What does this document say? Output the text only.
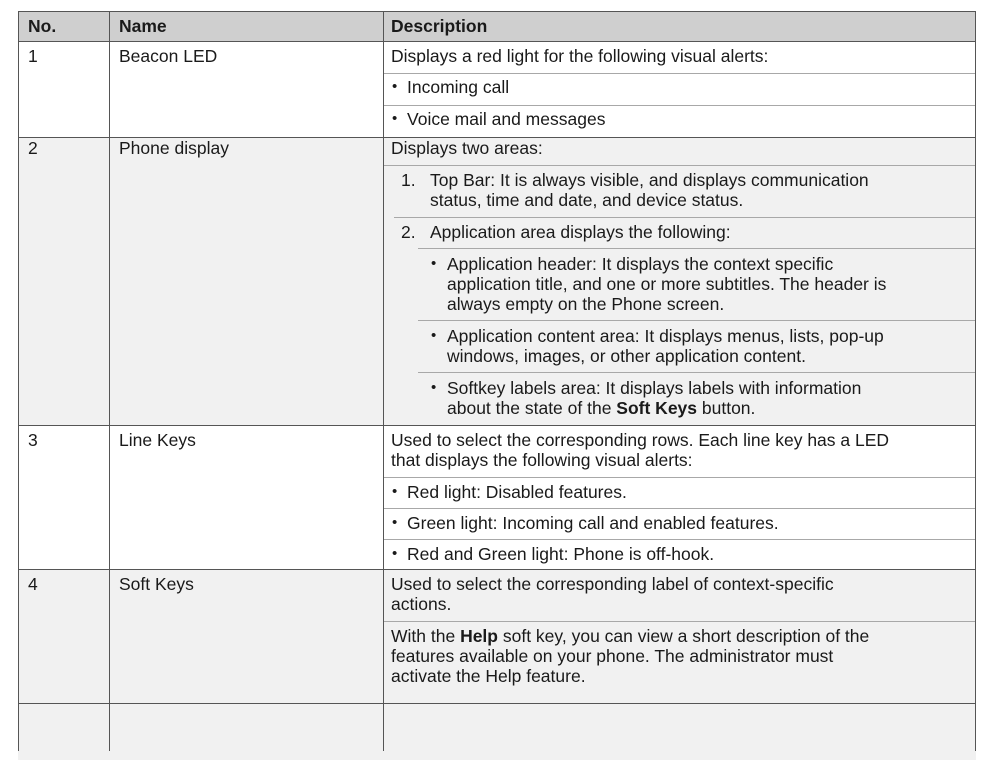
No.	Name	Description
1	Beacon LED	Displays a red light for the following visual alerts:
• Incoming call
• Voice mail and messages
2	Phone display	Displays two areas:
1. Top Bar: It is always visible, and displays communication
status, time and date, and device status.
2. Application area displays the following:
• Application header: It displays the context specific
application title, and one or more subtitles. The header is
always empty on the Phone screen.
• Application content area: It displays menus, lists, pop-up
windows, images, or other application content.
• Softkey labels area: It displays labels with information
about the state of the Soft Keys button.
3	Line Keys	Used to select the corresponding rows. Each line key has a LED
that displays the following visual alerts:
• Red light: Disabled features.
• Green light: Incoming call and enabled features.
• Red and Green light: Phone is off-hook.
4	Soft Keys	Used to select the corresponding label of context-specific
actions.
With the Help soft key, you can view a short description of the
features available on your phone. The administrator must
activate the Help feature.
